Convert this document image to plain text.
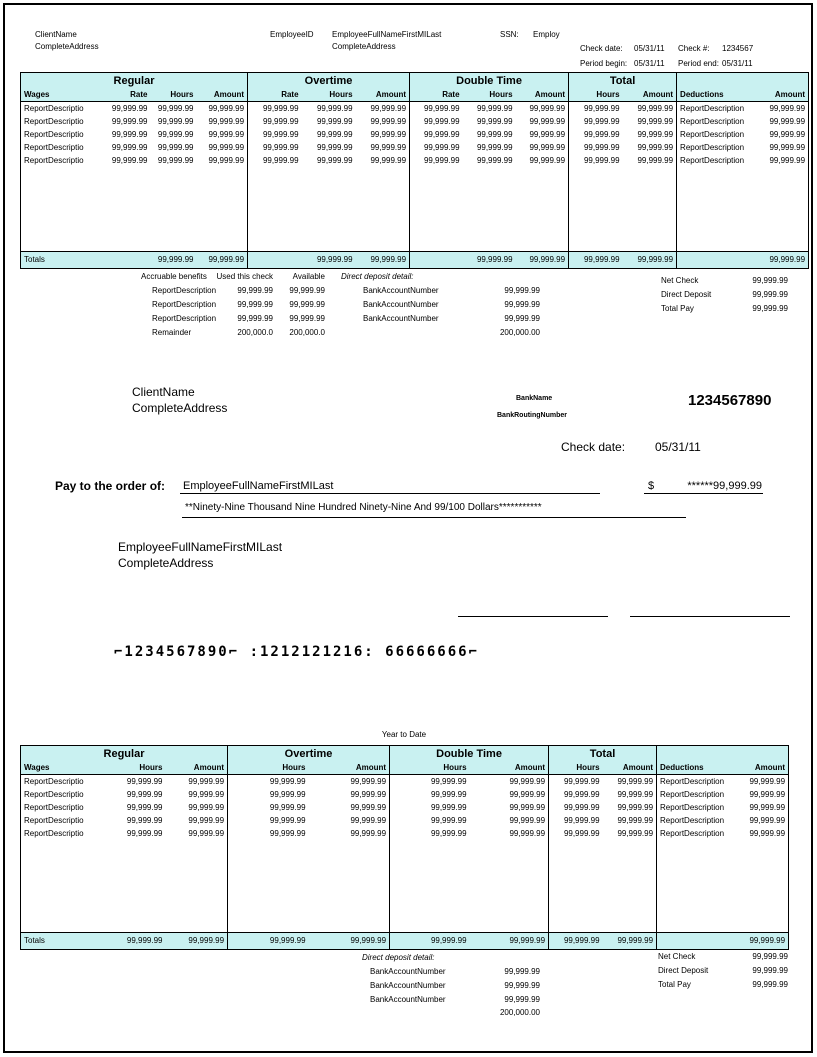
ClientName
CompleteAddress
EmployeeID EmployeeFullNameFirstMILast
CompleteAddress
SSN: Employ
Check date: 05/31/11 Check #: 1234567
Period begin: 05/31/11 Period end: 05/31/11
Regular				Overtime			Double Time			Total			
Wages	Rate	Hours	Amount	Rate	Hours	Amount	Rate	Hours	Amount	Hours	Amount	Deductions	Amount
ReportDescriptio	99,999.99	99,999.99	99,999.99	99,999.99	99,999.99	99,999.99	99,999.99	99,999.99	99,999.99	99,999.99	99,999.99	ReportDescription	99,999.99
ReportDescriptio	99,999.99	99,999.99	99,999.99	99,999.99	99,999.99	99,999.99	99,999.99	99,999.99	99,999.99	99,999.99	99,999.99	ReportDescription	99,999.99
ReportDescriptio	99,999.99	99,999.99	99,999.99	99,999.99	99,999.99	99,999.99	99,999.99	99,999.99	99,999.99	99,999.99	99,999.99	ReportDescription	99,999.99
ReportDescriptio	99,999.99	99,999.99	99,999.99	99,999.99	99,999.99	99,999.99	99,999.99	99,999.99	99,999.99	99,999.99	99,999.99	ReportDescription	99,999.99
ReportDescriptio	99,999.99	99,999.99	99,999.99	99,999.99	99,999.99	99,999.99	99,999.99	99,999.99	99,999.99	99,999.99	99,999.99	ReportDescription	99,999.99

Totals		99,999.99	99,999.99		99,999.99	99,999.99		99,999.99	99,999.99	99,999.99	99,999.99		99,999.99
Accruable benefits	Used this check	Available Direct deposit detail:
ReportDescription	99,999.99	99,999.99
ReportDescription	99,999.99	99,999.99
ReportDescription	99,999.99	99,999.99
Remainder	200,000.0	200,000.0
BankAccountNumber	99,999.99
BankAccountNumber	99,999.99
BankAccountNumber	99,999.99
200,000.00
Net Check	99,999.99
Direct Deposit	99,999.99
Total Pay	99,999.99
ClientName
CompleteAddress
BankName
BankRoutingNumber
1234567890
Check date: 05/31/11
Pay to the order of: EmployeeFullNameFirstMILast	$	******99,999.99
**Ninety-Nine Thousand Nine Hundred Ninety-Nine And 99/100 Dollars***********
EmployeeFullNameFirstMILast
CompleteAddress
⌐1234567890⌐ :1212121216: 66666666⌐
Year to Date
Regular			Overtime		Double Time		Total			
Wages	Hours	Amount	Hours	Amount	Hours	Amount	Hours	Amount	Deductions	Amount
ReportDescriptio	99,999.99	99,999.99	99,999.99	99,999.99	99,999.99	99,999.99	99,999.99	99,999.99	ReportDescription	99,999.99
ReportDescriptio	99,999.99	99,999.99	99,999.99	99,999.99	99,999.99	99,999.99	99,999.99	99,999.99	ReportDescription	99,999.99
ReportDescriptio	99,999.99	99,999.99	99,999.99	99,999.99	99,999.99	99,999.99	99,999.99	99,999.99	ReportDescription	99,999.99
ReportDescriptio	99,999.99	99,999.99	99,999.99	99,999.99	99,999.99	99,999.99	99,999.99	99,999.99	ReportDescription	99,999.99
ReportDescriptio	99,999.99	99,999.99	99,999.99	99,999.99	99,999.99	99,999.99	99,999.99	99,999.99	ReportDescription	99,999.99

Totals	99,999.99	99,999.99	99,999.99	99,999.99	99,999.99	99,999.99	99,999.99	99,999.99		99,999.99
Direct deposit detail:
BankAccountNumber	99,999.99
BankAccountNumber	99,999.99
BankAccountNumber	99,999.99
200,000.00
Net Check	99,999.99
Direct Deposit	99,999.99
Total Pay	99,999.99
